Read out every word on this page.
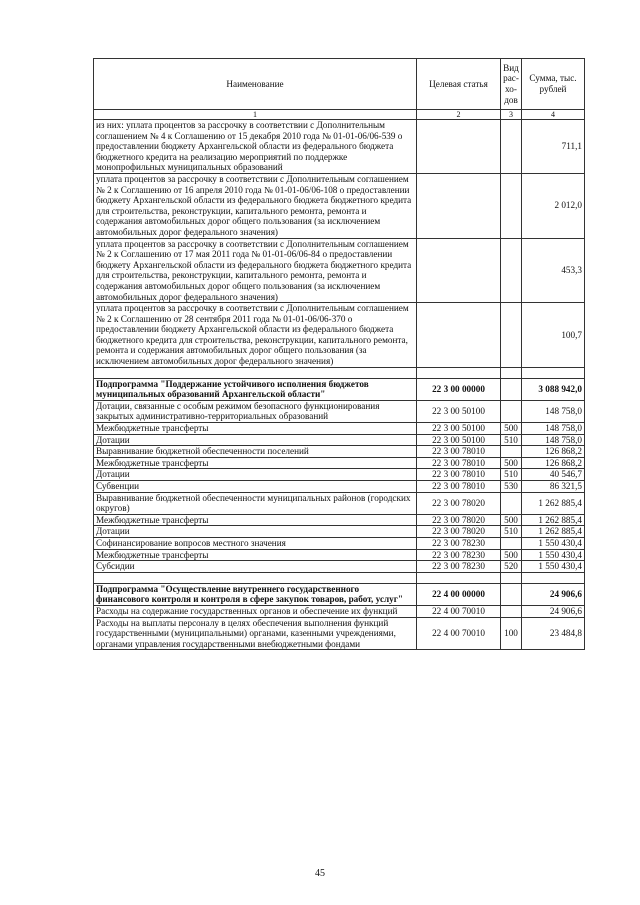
Наименование	Целевая статья	Вид рас-хо-дов	Сумма, тыс. рублей
1	2	3	4
из них: уплата процентов за рассрочку в соответствии с Дополнительным соглашением № 4 к Соглашению от 15 декабря 2010 года № 01-01-06/06-539 о предоставлении бюджету Архангельской области из федерального бюджета бюджетного кредита на реализацию мероприятий по поддержке монопрофильных муниципальных образований			711,1
уплата процентов за рассрочку в соответствии с Дополнительным соглашением № 2 к Соглашению от 16 апреля 2010 года № 01-01-06/06-108 о предоставлении бюджету Архангельской области из федерального бюджета бюджетного кредита для строительства, реконструкции, капитального ремонта, ремонта и содержания автомобильных дорог общего пользования (за исключением автомобильных дорог федерального значения)			2 012,0
уплата процентов за рассрочку в соответствии с Дополнительным соглашением № 2 к Соглашению от 17 мая 2011 года № 01-01-06/06-84 о предоставлении бюджету Архангельской области из федерального бюджета бюджетного кредита для строительства, реконструкции, капитального ремонта, ремонта и содержания автомобильных дорог общего пользования (за исключением автомобильных дорог федерального значения)			453,3
уплата процентов за рассрочку в соответствии с Дополнительным соглашением № 2 к Соглашению от 28 сентября 2011 года № 01-01-06/06-370 о предоставлении бюджету Архангельской области из федерального бюджета бюджетного кредита для строительства, реконструкции, капитального ремонта, ремонта и содержания автомобильных дорог общего пользования (за исключением автомобильных дорог федерального значения)			100,7

Подпрограмма "Поддержание устойчивого исполнения бюджетов муниципальных образований Архангельской области"	22 3 00 00000		3 088 942,0
Дотации, связанные с особым режимом безопасного функционирования закрытых административно-территориальных образований	22 3 00 50100		148 758,0
Межбюджетные трансферты	22 3 00 50100	500	148 758,0
Дотации	22 3 00 50100	510	148 758,0
Выравнивание бюджетной обеспеченности поселений	22 3 00 78010		126 868,2
Межбюджетные трансферты	22 3 00 78010	500	126 868,2
Дотации	22 3 00 78010	510	40 546,7
Субвенции	22 3 00 78010	530	86 321,5
Выравнивание бюджетной обеспеченности муниципальных районов (городских округов)	22 3 00 78020		1 262 885,4
Межбюджетные трансферты	22 3 00 78020	500	1 262 885,4
Дотации	22 3 00 78020	510	1 262 885,4
Софинансирование вопросов местного значения	22 3 00 78230		1 550 430,4
Межбюджетные трансферты	22 3 00 78230	500	1 550 430,4
Субсидии	22 3 00 78230	520	1 550 430,4

Подпрограмма "Осуществление внутреннего государственного финансового контроля и контроля в сфере закупок товаров, работ, услуг"	22 4 00 00000		24 906,6
Расходы на содержание государственных органов и обеспечение их функций	22 4 00 70010		24 906,6
Расходы на выплаты персоналу в целях обеспечения выполнения функций государственными (муниципальными) органами, казенными учреждениями, органами управления государственными внебюджетными фондами	22 4 00 70010	100	23 484,8
45
